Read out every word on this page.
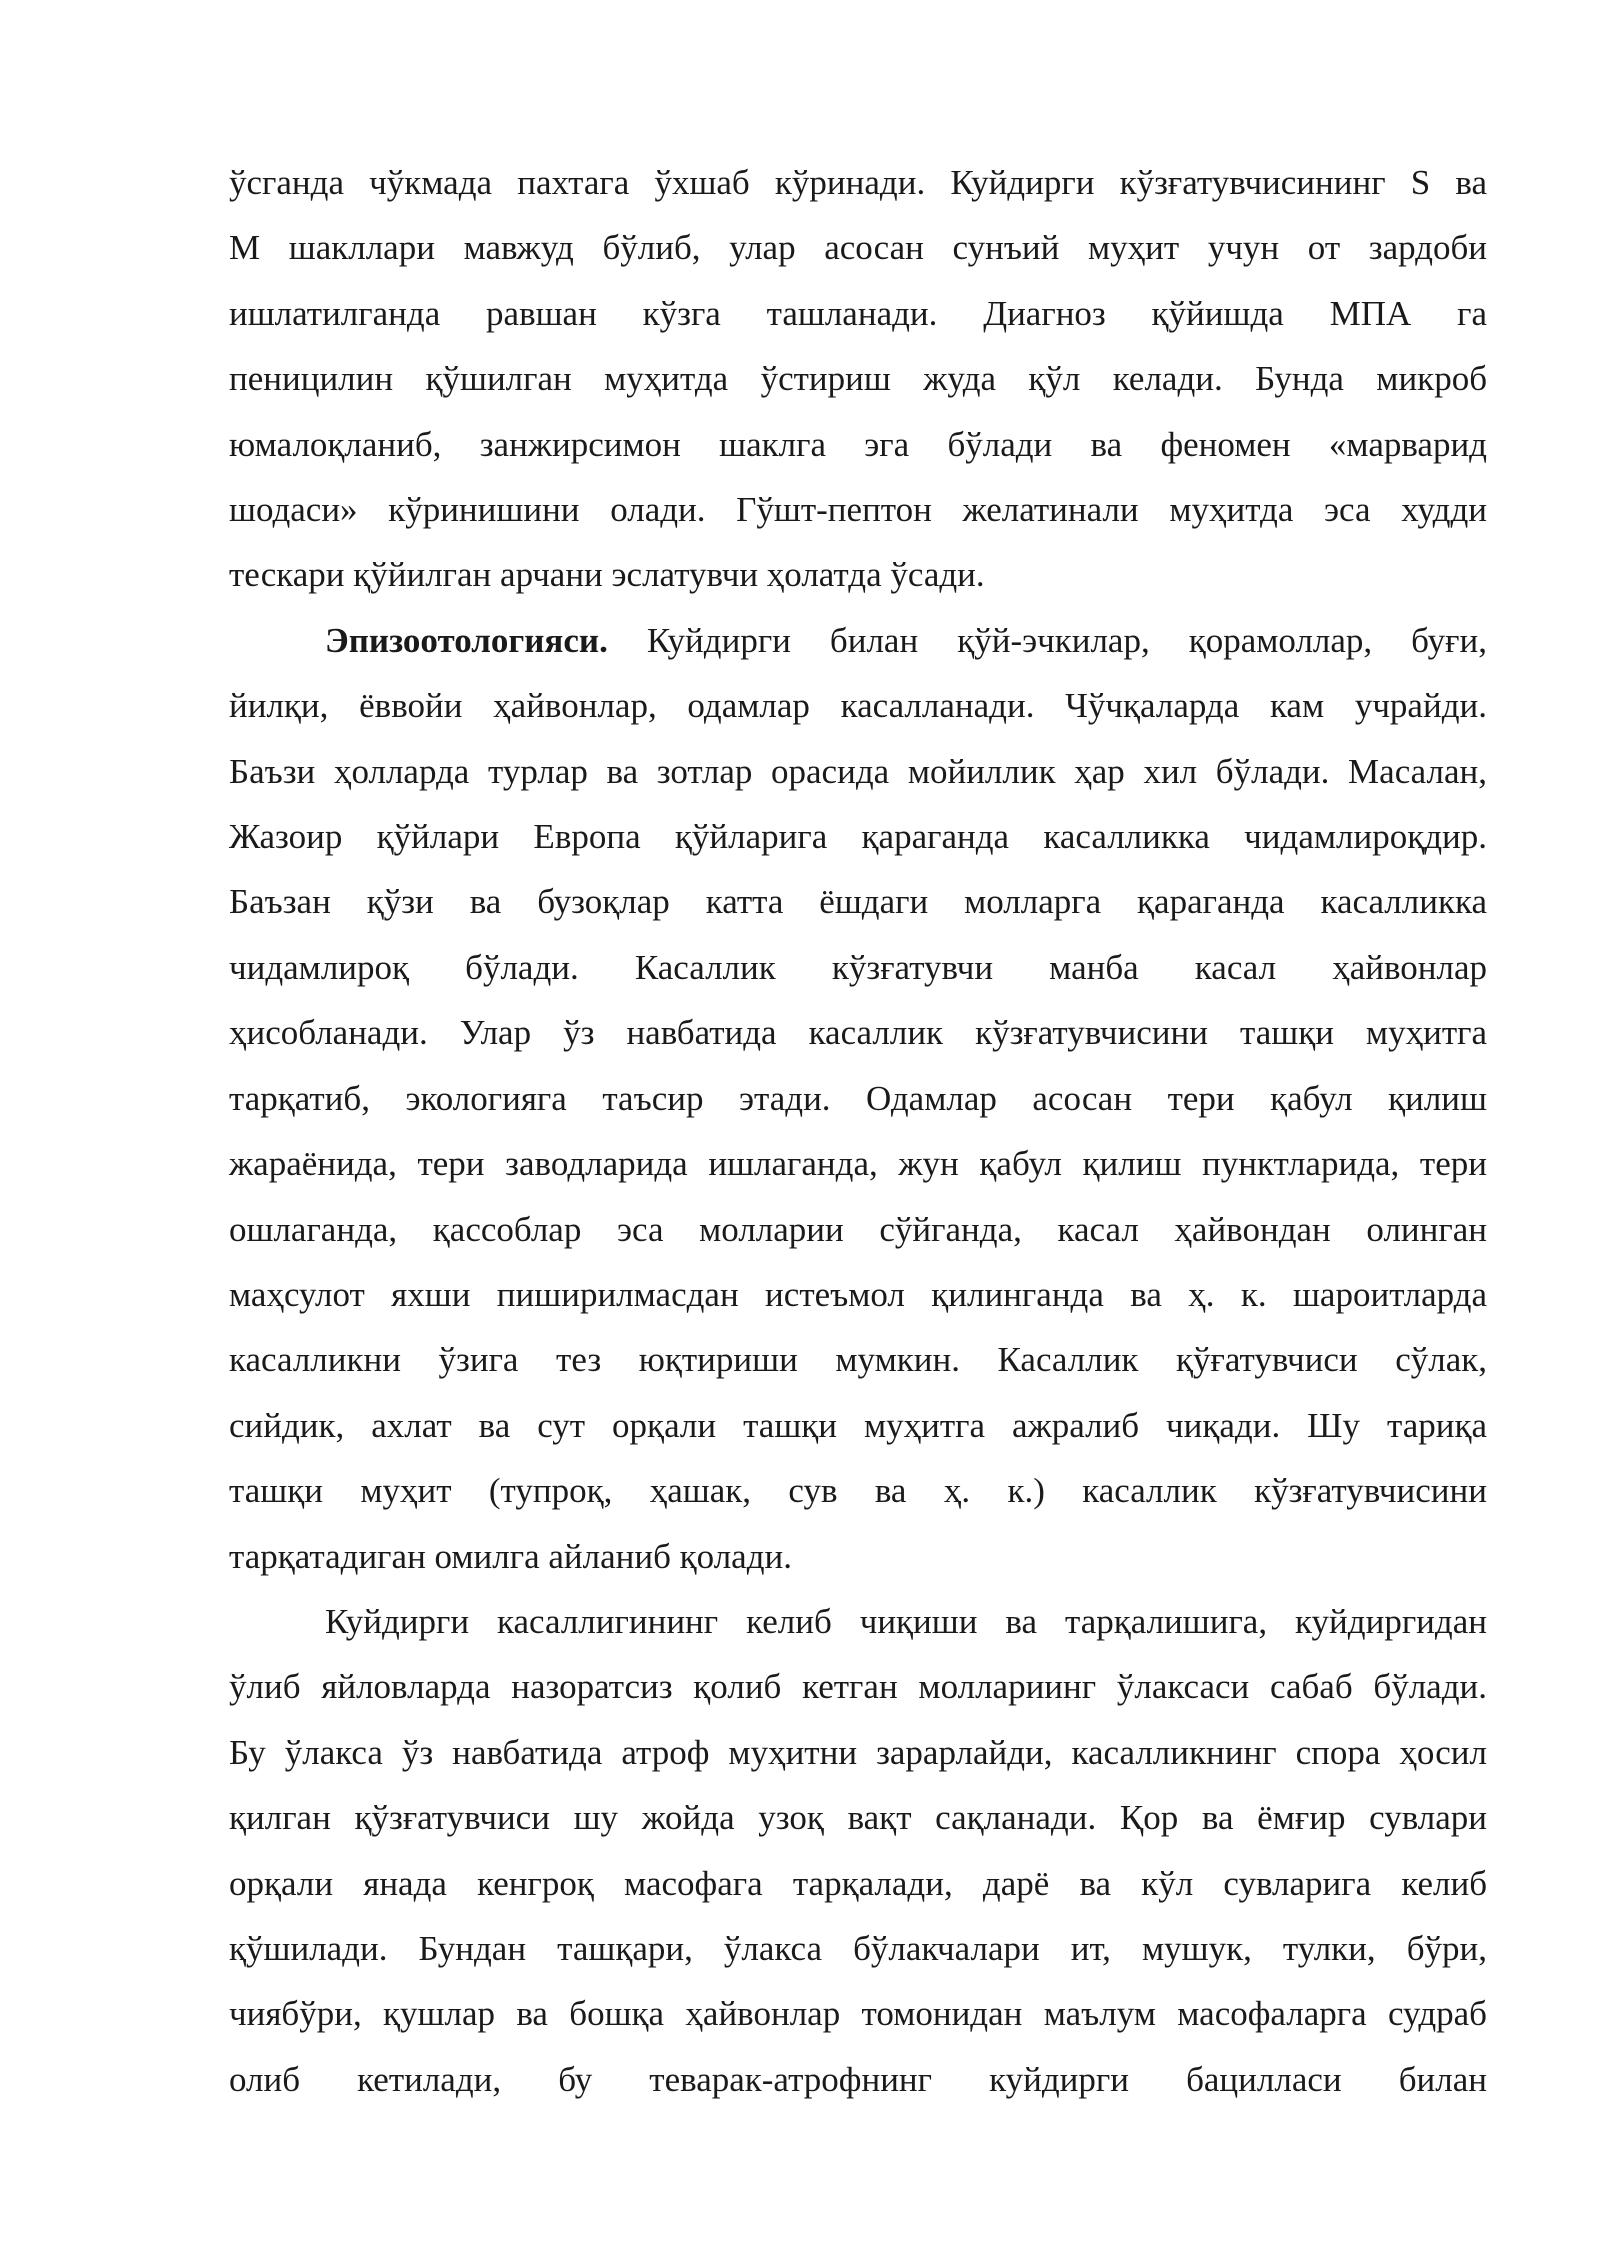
ўсганда чўкмада пахтага ўхшаб кўринади. Куйдирги кўзғатувчисининг S ва
M шакллари мавжуд бўлиб, улар асосан сунъий муҳит учун от зардоби
ишлатилганда равшан кўзга ташланади. Диагноз қўйишда МПА га
пеницилин қўшилган муҳитда ўстириш жуда қўл келади. Бунда микроб
юмалоқланиб, занжирсимон шаклга эга бўлади ва феномен «марварид
шодаси» кўринишини олади. Гўшт-пептон желатинали муҳитда эса худди
тескари қўйилган арчани эслатувчи ҳолатда ўсади.
Эпизоотологияси. Куйдирги билан қўй-эчкилар, қорамоллар, буғи,
йилқи, ёввойи ҳайвонлар, одамлар касалланади. Чўчқаларда кам учрайди.
Баъзи ҳолларда турлар ва зотлар орасида мойиллик ҳар хил бўлади. Масалан,
Жазоир қўйлари Европа қўйларига қараганда касалликка чидамлироқдир.
Баъзан қўзи ва бузоқлар катта ёшдаги молларга қараганда касалликка
чидамлироқ бўлади. Касаллик кўзғатувчи манба касал ҳайвонлар
ҳисобланади. Улар ўз навбатида касаллик кўзғатувчисини ташқи муҳитга
тарқатиб, экологияга таъсир этади. Одамлар асосан тери қабул қилиш
жараёнида, тери заводларида ишлаганда, жун қабул қилиш пунктларида, тери
ошлаганда, қассоблар эса молларии сўйганда, касал ҳайвондан олинган
маҳсулот яхши пиширилмасдан истеъмол қилинганда ва ҳ. к. шароитларда
касалликни ўзига тез юқтириши мумкин. Касаллик қўғатувчиси сўлак,
сийдик, ахлат ва сут орқали ташқи муҳитга ажралиб чиқади. Шу тариқа
ташқи муҳит (тупроқ, ҳашак, сув ва ҳ. к.) касаллик кўзғатувчисини
тарқатадиган омилга айланиб қолади.
Куйдирги касаллигининг келиб чиқиши ва тарқалишига, куйдиргидан
ўлиб яйловларда назоратсиз қолиб кетган моллариинг ўлаксаси сабаб бўлади.
Бу ўлакса ўз навбатида атроф муҳитни зарарлайди, касалликнинг спора ҳосил
қилган қўзғатувчиси шу жойда узоқ вақт сақланади. Қор ва ёмғир сувлари
орқали янада кенгроқ масофага тарқалади, дарё ва кўл сувларига келиб
қўшилади. Бундан ташқари, ўлакса бўлакчалари ит, мушук, тулки, бўри,
чиябўри, қушлар ва бошқа ҳайвонлар томонидан маълум масофаларга судраб
олиб кетилади, бу теварак-атрофнинг куйдирги бацилласи билан
